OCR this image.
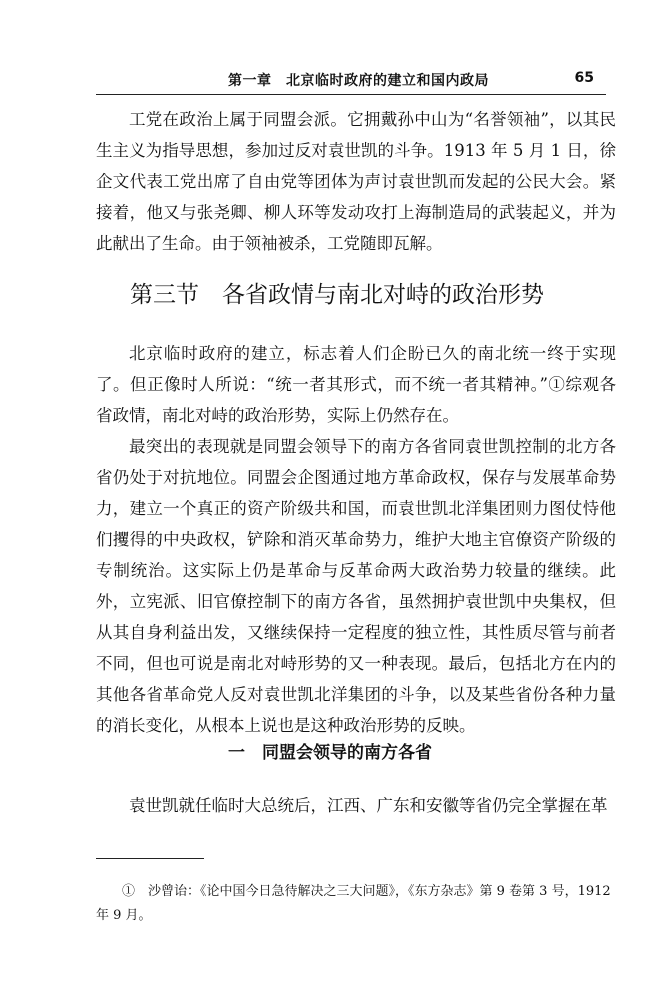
第一章　北京临时政府的建立和国内政局	65

工党在政治上属于同盟会派。它拥戴孙中山为“名誉领袖”，以其民生主义为指导思想，参加过反对袁世凯的斗争。1913 年 5 月 1 日，徐企文代表工党出席了自由党等团体为声讨袁世凯而发起的公民大会。紧接着，他又与张尧卿、柳人环等发动攻打上海制造局的武装起义，并为此献出了生命。由于领袖被杀，工党随即瓦解。

第三节　各省政情与南北对峙的政治形势

北京临时政府的建立，标志着人们企盼已久的南北统一终于实现了。但正像时人所说：“统一者其形式，而不统一者其精神。”①综观各省政情，南北对峙的政治形势，实际上仍然存在。

最突出的表现就是同盟会领导下的南方各省同袁世凯控制的北方各省仍处于对抗地位。同盟会企图通过地方革命政权，保存与发展革命势力，建立一个真正的资产阶级共和国，而袁世凯北洋集团则力图仗恃他们攫得的中央政权，铲除和消灭革命势力，维护大地主官僚资产阶级的专制统治。这实际上仍是革命与反革命两大政治势力较量的继续。此外，立宪派、旧官僚控制下的南方各省，虽然拥护袁世凯中央集权，但从其自身利益出发，又继续保持一定程度的独立性，其性质尽管与前者不同，但也可说是南北对峙形势的又一种表现。最后，包括北方在内的其他各省革命党人反对袁世凯北洋集团的斗争，以及某些省份各种力量的消长变化，从根本上说也是这种政治形势的反映。

一　同盟会领导的南方各省

袁世凯就任临时大总统后，江西、广东和安徽等省仍完全掌握在革

①　沙曾诒：《论中国今日急待解决之三大问题》，《东方杂志》第 9 卷第 3 号，1912 年 9 月。
